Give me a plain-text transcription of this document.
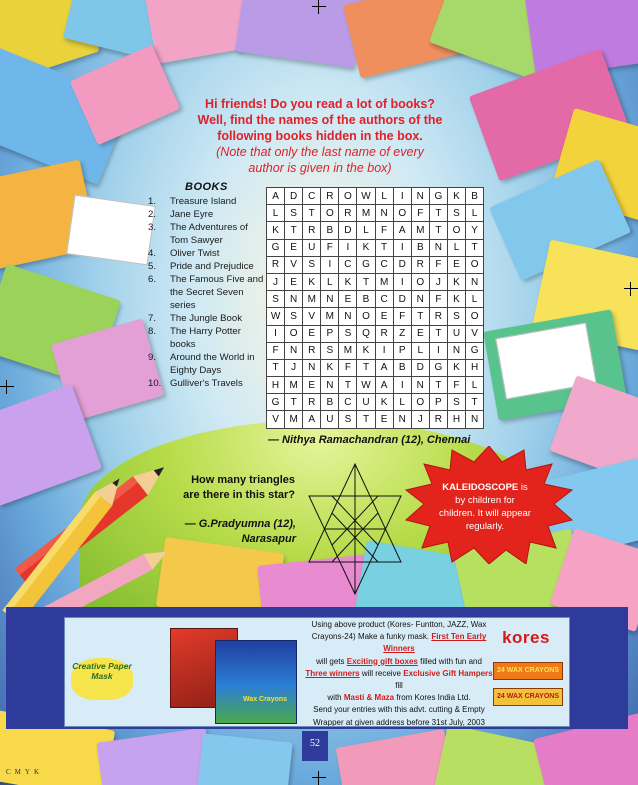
Hi friends! Do you read a lot of books?
Well, find the names of the authors of the
following books hidden in the box.
(Note that only the last name of every
author is given in the box)
BOOKS
1. Treasure Island
2. Jane Eyre
3. The Adventures of Tom Sawyer
4. Oliver Twist
5. Pride and Prejudice
6. The Famous Five and the Secret Seven series
7. The Jungle Book
8. The Harry Potter books
9. Around the World in Eighty Days
10. Gulliver's Travels
A	D	C	R	O	W	L	I	N	G	K	B
L	S	T	O	R	M	N	O	F	T	S	L
K	T	R	B	D	L	F	A	M	T	O	Y
G	E	U	F	I	K	T	I	B	N	L	T
R	V	S	I	C	G	C	D	R	F	E	O
J	E	K	L	K	T	M	I	O	J	K	N
S	N	M	N	E	B	C	D	N	F	K	L
W	S	V	M	N	O	E	F	T	R	S	O
I	O	E	P	S	Q	R	Z	E	T	U	V
F	N	R	S	M	K	I	P	L	I	N	G
T	J	N	K	F	T	A	B	D	G	K	H
H	M	E	N	T	W	A	I	N	T	F	L
G	T	R	B	C	U	K	L	O	P	S	T
V	M	A	U	S	T	E	N	J	R	H	N
— Nithya Ramachandran (12), Chennai
How many triangles
are there in this star?
— G.Pradyumna (12),
Narasapur
KALEIDOSCOPE is
by children for
children. It will appear
regularly.
Creative Paper Mask
Wax Crayons
Using above product (Kores- Funtton, JAZZ, Wax
Crayons-24) Make a funky mask. First Ten Early Winners
will gets Exciting gift boxes filled with fun and
Three winners will receive Exclusive Gift Hampers fill
with Masti & Maza from Kores India Ltd.
Send your entries with this advt. cutting & Empty
Wrapper at given address before 31st July, 2003
kores
24 WAX CRAYONS
24 WAX CRAYONS
52
CMYK
